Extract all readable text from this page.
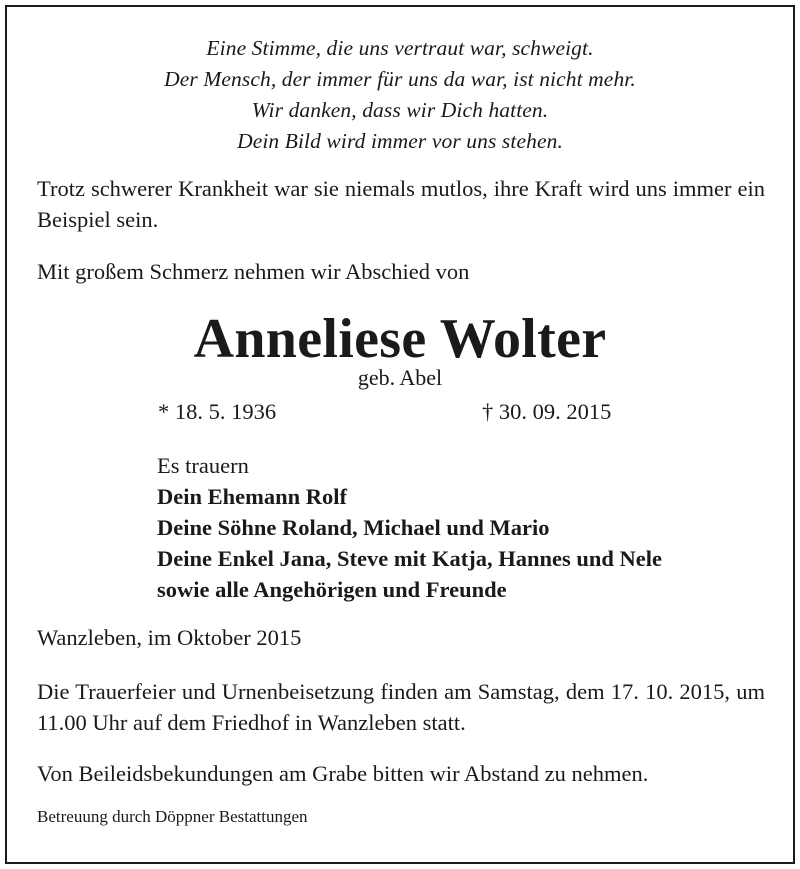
Eine Stimme, die uns vertraut war, schweigt.
Der Mensch, der immer für uns da war, ist nicht mehr.
Wir danken, dass wir Dich hatten.
Dein Bild wird immer vor uns stehen.

Trotz schwerer Krankheit war sie niemals mutlos, ihre Kraft wird uns immer ein Beispiel sein.

Mit großem Schmerz nehmen wir Abschied von

Anneliese Wolter
geb. Abel
* 18. 5. 1936	† 30. 09. 2015
Es trauern
Dein Ehemann Rolf
Deine Söhne Roland, Michael und Mario
Deine Enkel Jana, Steve mit Katja, Hannes und Nele
sowie alle Angehörigen und Freunde

Wanzleben, im Oktober 2015

Die Trauerfeier und Urnenbeisetzung finden am Samstag, dem 17. 10. 2015, um 11.00 Uhr auf dem Friedhof in Wanzleben statt.

Von Beileidsbekundungen am Grabe bitten wir Abstand zu nehmen.

Betreuung durch Döppner Bestattungen
